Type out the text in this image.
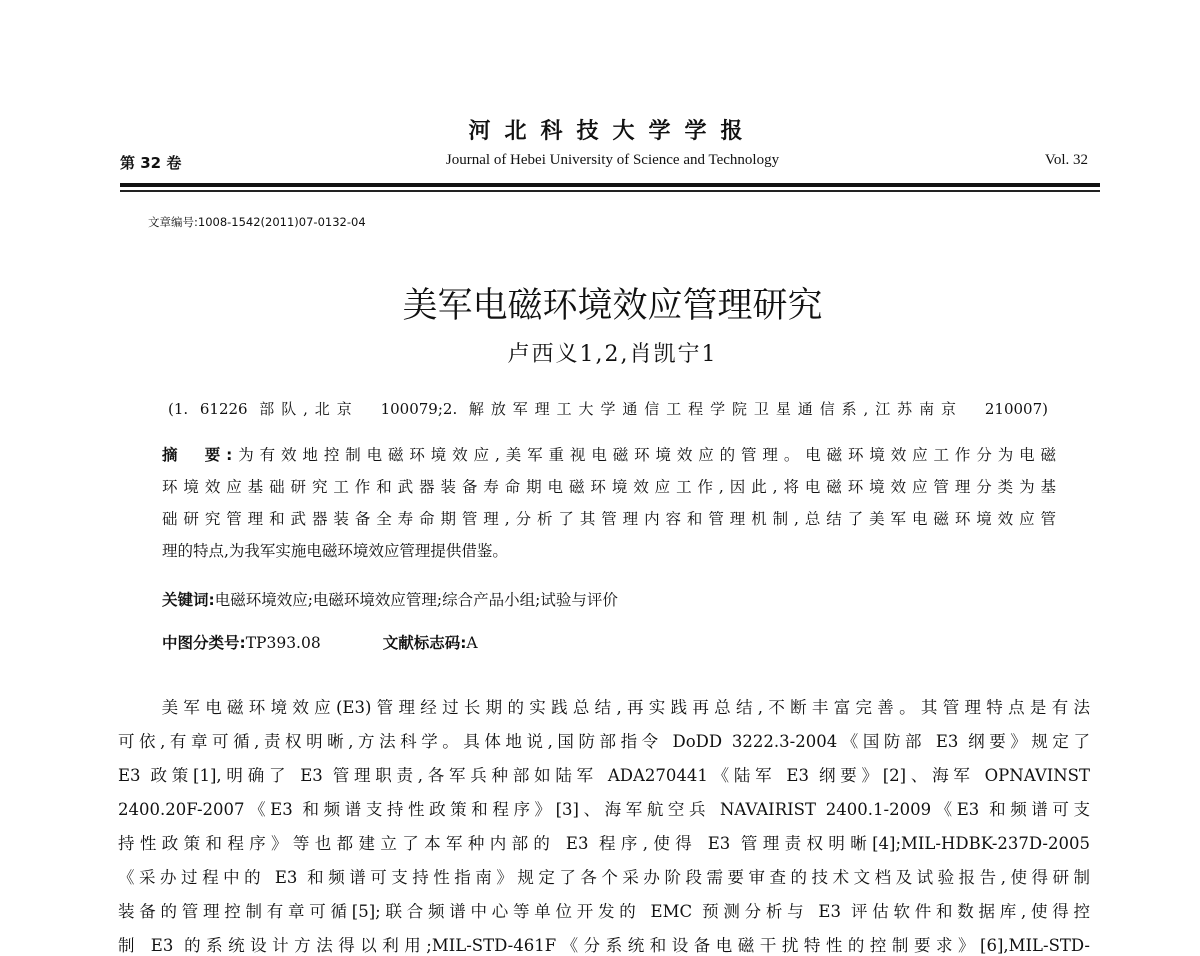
河北科技大学学报
第 32 卷	Journal of Hebei University of Science and Technology	Vol. 32
文章编号:1008-1542(2011)07-0132-04
美军电磁环境效应管理研究
卢西义1,2,肖凯宁1
(1. 61226 部队,北京　100079;2. 解放军理工大学通信工程学院卫星通信系,江苏南京　210007)
摘　要:为有效地控制电磁环境效应,美军重视电磁环境效应的管理。电磁环境效应工作分为电磁
环境效应基础研究工作和武器装备寿命期电磁环境效应工作,因此,将电磁环境效应管理分类为基
础研究管理和武器装备全寿命期管理,分析了其管理内容和管理机制,总结了美军电磁环境效应管
理的特点,为我军实施电磁环境效应管理提供借鉴。
关键词:电磁环境效应;电磁环境效应管理;综合产品小组;试验与评价
中图分类号:TP393.08	文献标志码:A
　　美军电磁环境效应(E3)管理经过长期的实践总结,再实践再总结,不断丰富完善。其管理特点是有法
可依,有章可循,责权明晰,方法科学。具体地说,国防部指令 DoDD 3222.3-2004《国防部 E3 纲要》规定了
E3 政策[1],明确了 E3 管理职责,各军兵种部如陆军 ADA270441《陆军 E3 纲要》[2]、海军 OPNAVINST
2400.20F-2007《E3 和频谱支持性政策和程序》[3]、海军航空兵 NAVAIRIST 2400.1-2009《E3 和频谱可支
持性政策和程序》等也都建立了本军种内部的 E3 程序,使得 E3 管理责权明晰[4];MIL-HDBK-237D-2005
《采办过程中的 E3 和频谱可支持性指南》规定了各个采办阶段需要审查的技术文档及试验报告,使得研制
装备的管理控制有章可循[5];联合频谱中心等单位开发的 EMC 预测分析与 E3 评估软件和数据库,使得控
制 E3 的系统设计方法得以利用;MIL-STD-461F《分系统和设备电磁干扰特性的控制要求》[6],MIL-STD-
